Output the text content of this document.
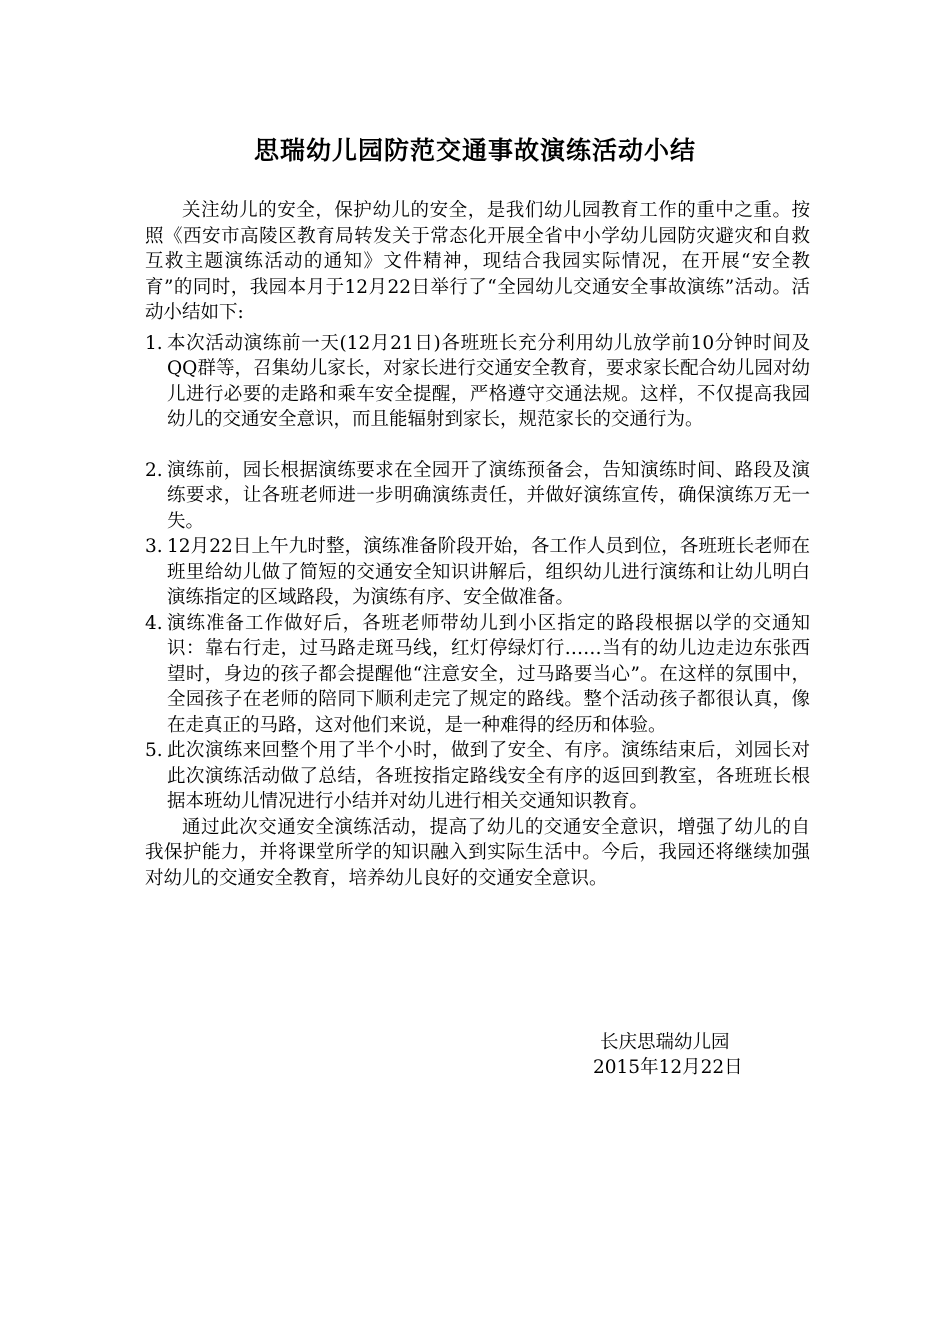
思瑞幼儿园防范交通事故演练活动小结

关注幼儿的安全，保护幼儿的安全，是我们幼儿园教育工作的重中之重。按照《西安市高陵区教育局转发关于常态化开展全省中小学幼儿园防灾避灾和自救互救主题演练活动的通知》文件精神，现结合我园实际情况，在开展“安全教育”的同时，我园本月于12月22日举行了“全园幼儿交通安全事故演练”活动。活动小结如下:

1. 本次活动演练前一天(12月21日)各班班长充分利用幼儿放学前10分钟时间及QQ群等，召集幼儿家长，对家长进行交通安全教育，要求家长配合幼儿园对幼儿进行必要的走路和乘车安全提醒，严格遵守交通法规。这样，不仅提高我园幼儿的交通安全意识，而且能辐射到家长，规范家长的交通行为。
2. 演练前，园长根据演练要求在全园开了演练预备会，告知演练时间、路段及演练要求，让各班老师进一步明确演练责任，并做好演练宣传，确保演练万无一失。
3. 12月22日上午九时整，演练准备阶段开始，各工作人员到位，各班班长老师在班里给幼儿做了简短的交通安全知识讲解后，组织幼儿进行演练和让幼儿明白演练指定的区域路段，为演练有序、安全做准备。
4. 演练准备工作做好后，各班老师带幼儿到小区指定的路段根据以学的交通知识：靠右行走，过马路走斑马线，红灯停绿灯行……当有的幼儿边走边东张西望时，身边的孩子都会提醒他“注意安全，过马路要当心”。在这样的氛围中，全园孩子在老师的陪同下顺利走完了规定的路线。整个活动孩子都很认真，像在走真正的马路，这对他们来说，是一种难得的经历和体验。
5. 此次演练来回整个用了半个小时，做到了安全、有序。演练结束后，刘园长对此次演练活动做了总结，各班按指定路线安全有序的返回到教室，各班班长根据本班幼儿情况进行小结并对幼儿进行相关交通知识教育。

通过此次交通安全演练活动，提高了幼儿的交通安全意识，增强了幼儿的自我保护能力，并将课堂所学的知识融入到实际生活中。今后，我园还将继续加强对幼儿的交通安全教育，培养幼儿良好的交通安全意识。

长庆思瑞幼儿园
2015年12月22日
